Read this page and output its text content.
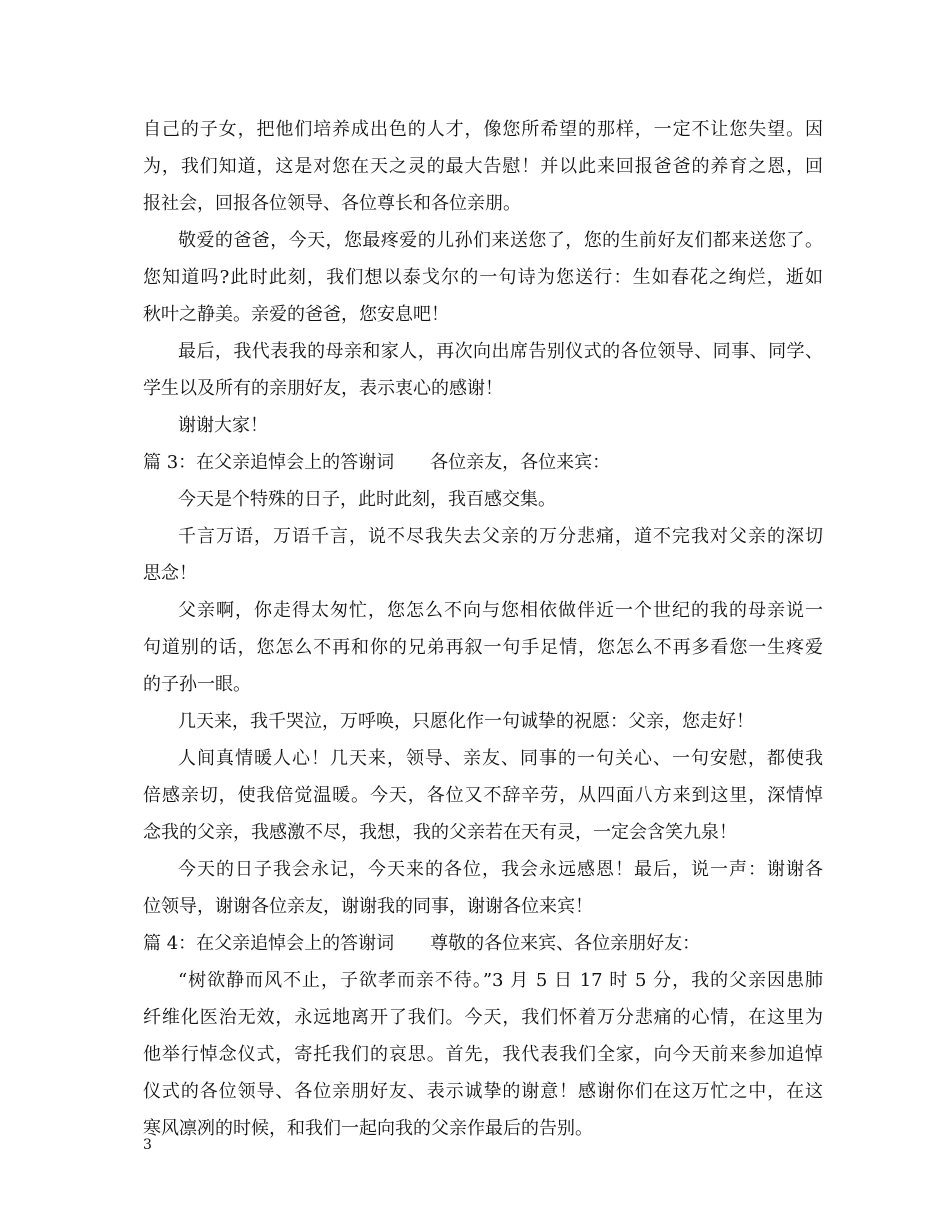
自己的子女，把他们培养成出色的人才，像您所希望的那样，一定不让您失望。因
为，我们知道，这是对您在天之灵的最大告慰！并以此来回报爸爸的养育之恩，回
报社会，回报各位领导、各位尊长和各位亲朋。
敬爱的爸爸，今天，您最疼爱的儿孙们来送您了，您的生前好友们都来送您了。
您知道吗?此时此刻，我们想以泰戈尔的一句诗为您送行：生如春花之绚烂，逝如
秋叶之静美。亲爱的爸爸，您安息吧！
最后，我代表我的母亲和家人，再次向出席告别仪式的各位领导、同事、同学、
学生以及所有的亲朋好友，表示衷心的感谢！
谢谢大家！
篇 3：在父亲追悼会上的答谢词　　各位亲友，各位来宾：
今天是个特殊的日子，此时此刻，我百感交集。
千言万语，万语千言，说不尽我失去父亲的万分悲痛，道不完我对父亲的深切
思念！
父亲啊，你走得太匆忙，您怎么不向与您相依做伴近一个世纪的我的母亲说一
句道别的话，您怎么不再和你的兄弟再叙一句手足情，您怎么不再多看您一生疼爱
的子孙一眼。
几天来，我千哭泣，万呼唤，只愿化作一句诚挚的祝愿：父亲，您走好！
人间真情暖人心！几天来，领导、亲友、同事的一句关心、一句安慰，都使我
倍感亲切，使我倍觉温暖。今天，各位又不辞辛劳，从四面八方来到这里，深情悼
念我的父亲，我感激不尽，我想，我的父亲若在天有灵，一定会含笑九泉！
今天的日子我会永记，今天来的各位，我会永远感恩！最后，说一声：谢谢各
位领导，谢谢各位亲友，谢谢我的同事，谢谢各位来宾！
篇 4：在父亲追悼会上的答谢词　　尊敬的各位来宾、各位亲朋好友：
“树欲静而风不止，子欲孝而亲不待。”3 月 5 日 17 时 5 分，我的父亲因患肺
纤维化医治无效，永远地离开了我们。今天，我们怀着万分悲痛的心情，在这里为
他举行悼念仪式，寄托我们的哀思。首先，我代表我们全家，向今天前来参加追悼
仪式的各位领导、各位亲朋好友、表示诚挚的谢意！感谢你们在这万忙之中，在这
寒风凛冽的时候，和我们一起向我的父亲作最后的告别。
3
